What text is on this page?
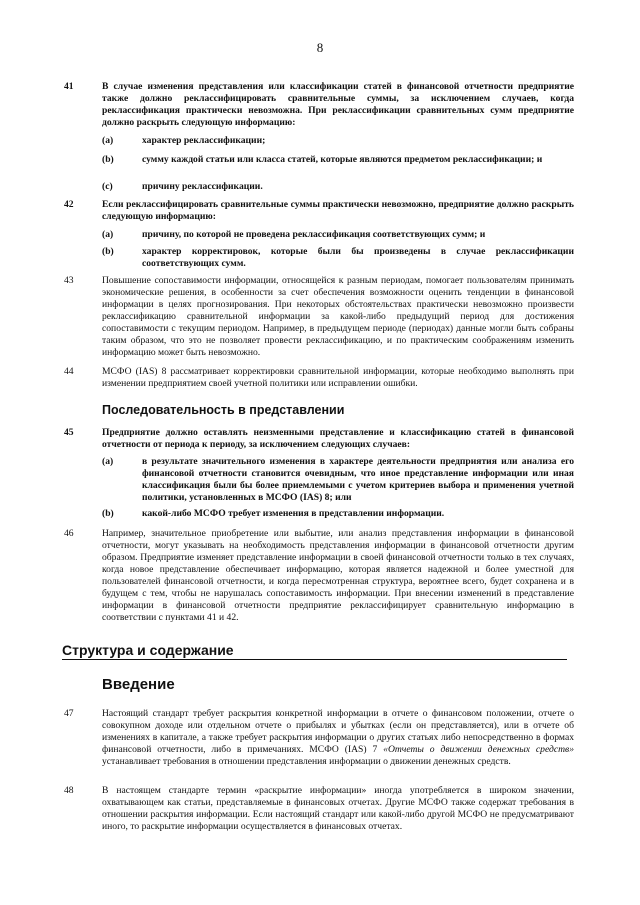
8
41	В случае изменения представления или классификации статей в финансовой отчетности предприятие также должно реклассифицировать сравнительные суммы, за исключением случаев, когда реклассификация практически невозможна. При реклассификации сравнительных сумм предприятие должно раскрыть следующую информацию:
(a)	характер реклассификации;
(b)	сумму каждой статьи или класса статей, которые являются предметом реклассификации; и
(c)	причину реклассификации.
42	Если реклассифицировать сравнительные суммы практически невозможно, предприятие должно раскрыть следующую информацию:
(a)	причину, по которой не проведена реклассификация соответствующих сумм; и
(b)	характер корректировок, которые были бы произведены в случае реклассификации соответствующих сумм.
43	Повышение сопоставимости информации, относящейся к разным периодам, помогает пользователям принимать экономические решения, в особенности за счет обеспечения возможности оценить тенденции в финансовой информации в целях прогнозирования. При некоторых обстоятельствах практически невозможно произвести реклассификацию сравнительной информации за какой-либо предыдущий период для достижения сопоставимости с текущим периодом. Например, в предыдущем периоде (периодах) данные могли быть собраны таким образом, что это не позволяет провести реклассификацию, и по практическим соображениям изменить информацию может быть невозможно.
44	МСФО (IAS) 8 рассматривает корректировки сравнительной информации, которые необходимо выполнять при изменении предприятием своей учетной политики или исправлении ошибки.
Последовательность в представлении
45	Предприятие должно оставлять неизменными представление и классификацию статей в финансовой отчетности от периода к периоду, за исключением следующих случаев:
(a)	в результате значительного изменения в характере деятельности предприятия или анализа его финансовой отчетности становится очевидным, что иное представление информации или иная классификация были бы более приемлемыми с учетом критериев выбора и применения учетной политики, установленных в МСФО (IAS) 8; или
(b)	какой-либо МСФО требует изменения в представлении информации.
46	Например, значительное приобретение или выбытие, или анализ представления информации в финансовой отчетности, могут указывать на необходимость представления информации в финансовой отчетности другим образом. Предприятие изменяет представление информации в своей финансовой отчетности только в тех случаях, когда новое представление обеспечивает информацию, которая является надежной и более уместной для пользователей финансовой отчетности, и когда пересмотренная структура, вероятнее всего, будет сохранена и в будущем с тем, чтобы не нарушалась сопоставимость информации. При внесении изменений в представление информации в финансовой отчетности предприятие реклассифицирует сравнительную информацию в соответствии с пунктами 41 и 42.
Структура и содержание
Введение
47	Настоящий стандарт требует раскрытия конкретной информации в отчете о финансовом положении, отчете о совокупном доходе или отдельном отчете о прибылях и убытках (если он представляется), или в отчете об изменениях в капитале, а также требует раскрытия информации о других статьях либо непосредственно в формах финансовой отчетности, либо в примечаниях. МСФО (IAS) 7 «Отчеты о движении денежных средств» устанавливает требования в отношении представления информации о движении денежных средств.
48	В настоящем стандарте термин «раскрытие информации» иногда употребляется в широком значении, охватывающем как статьи, представляемые в финансовых отчетах. Другие МСФО также содержат требования в отношении раскрытия информации. Если настоящий стандарт или какой-либо другой МСФО не предусматривают иного, то раскрытие информации осуществляется в финансовых отчетах.
